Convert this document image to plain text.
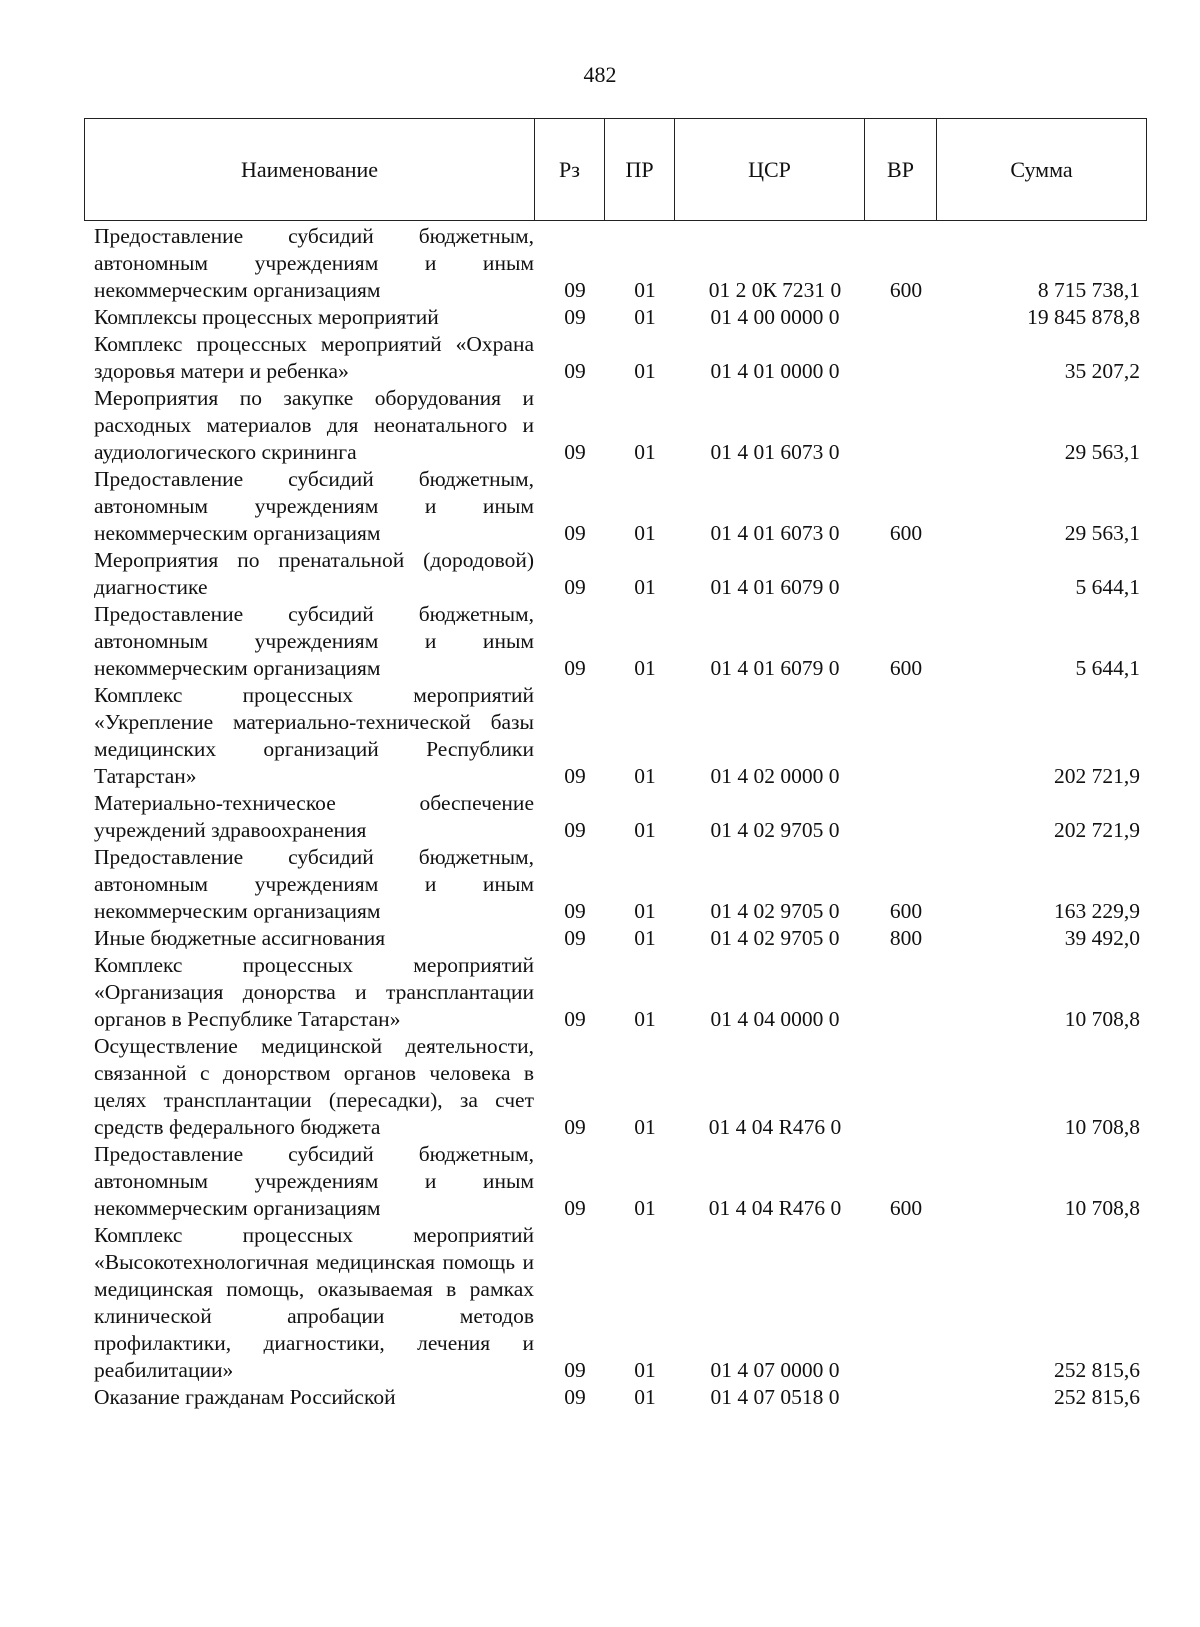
482
Наименование	Рз	ПР	ЦСР	ВР	Сумма
Предоставление субсидий бюджетным, автономным учреждениям и иным некоммерческим организациям	09	01	01 2 0К 7231 0	600	8 715 738,1

Комплексы процессных мероприятий	09	01	01 4 00 0000 0		19 845 878,8

Комплекс процессных мероприятий «Охрана здоровья матери и ребенка»	09	01	01 4 01 0000 0		35 207,2

Мероприятия по закупке оборудования и расходных материалов для неонатального и аудиологического скрининга	09	01	01 4 01 6073 0		29 563,1

Предоставление субсидий бюджетным, автономным учреждениям и иным некоммерческим организациям	09	01	01 4 01 6073 0	600	29 563,1

Мероприятия по пренатальной (дородовой) диагностике	09	01	01 4 01 6079 0		5 644,1

Предоставление субсидий бюджетным, автономным учреждениям и иным некоммерческим организациям	09	01	01 4 01 6079 0	600	5 644,1

Комплекс процессных мероприятий «Укрепление материально-технической базы медицинских организаций Республики Татарстан»	09	01	01 4 02 0000 0		202 721,9

Материально-техническое обеспечение учреждений здравоохранения	09	01	01 4 02 9705 0		202 721,9

Предоставление субсидий бюджетным, автономным учреждениям и иным некоммерческим организациям	09	01	01 4 02 9705 0	600	163 229,9

Иные бюджетные ассигнования	09	01	01 4 02 9705 0	800	39 492,0

Комплекс процессных мероприятий «Организация донорства и трансплантации органов в Республике Татарстан»	09	01	01 4 04 0000 0		10 708,8

Осуществление медицинской деятельности, связанной с донорством органов человека в целях трансплантации (пересадки), за счет средств федерального бюджета	09	01	01 4 04 R476 0		10 708,8

Предоставление субсидий бюджетным, автономным учреждениям и иным некоммерческим организациям	09	01	01 4 04 R476 0	600	10 708,8

Комплекс процессных мероприятий «Высокотехнологичная медицинская помощь и медицинская помощь, оказываемая в рамках клинической апробации методов профилактики, диагностики, лечения и реабилитации»	09	01	01 4 07 0000 0		252 815,6

Оказание гражданам Российской	09	01	01 4 07 0518 0		252 815,6
